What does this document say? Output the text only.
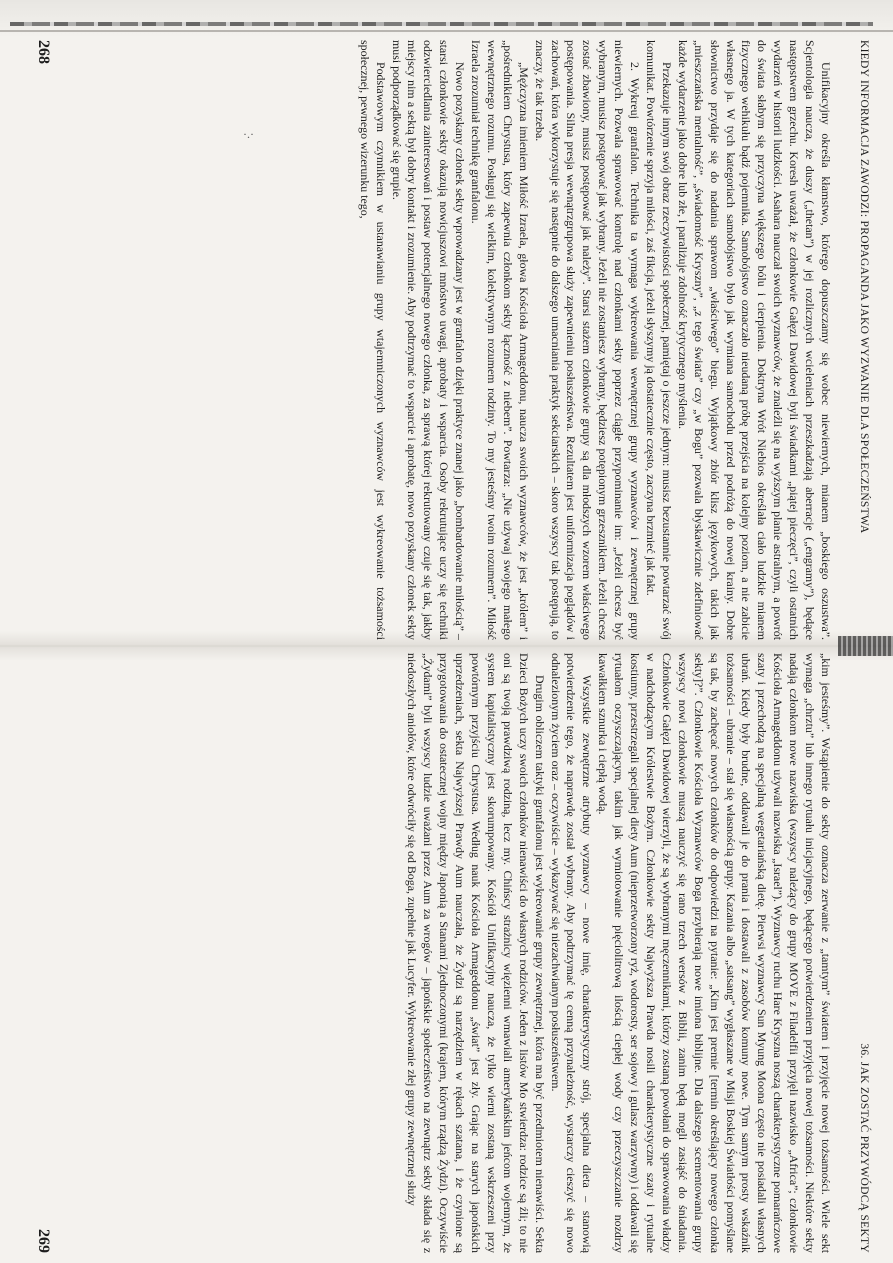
·.·	KIEDY INFORMACJA ZAWODZI: PROPAGANDA JAKO WYZWANIE DLA SPOŁECZEŃSTWA

Unifikacyjny określa kłamstwo, którego dopuszczamy się wobec niewiernych, mianem „boskiego oszustwa”. Scjentologia naucza, że duszy („thetan”) w jej rozlicznych wcieleniach przeszkadzają aberracje („engramy”), będące następstwem grzechu. Koresh uważał, że członkowie Gałęzi Dawidowej byli świadkami „piątej pieczęci”, czyli ostatnich wydarzeń w historii ludzkości. Asahara nauczał swoich wyznawców, że znaleźli się na wyższym planie astralnym, a powrót do świata słabym się przyczyna większego bólu i cierpienia. Doktryna Wrót Niebios określała ciało ludzkie mianem fizycznego wehikułu bądź pojemnika. Samobójstwo oznaczało nieudaną próbę przejścia na kolejny poziom, a nie zabicie własnego ja. W tych kategoriach samobójstwo było jak wymiana samochodu przed podróżą do nowej krainy. Dobre słownictwo przydaje się do nadania sprawom „właściwego” biegu. Wyjątkowy zbiór klisz językowych, takich jak „mieszczańska mentalność”, „świadomość Kryszny”, „z tego świata” czy „w Bogu” pozwala błyskawicznie zdefiniować każde wydarzenie jako dobre lub złe, i paraliżuje zdolność krytycznego myślenia.

Przekazuje innym swój obraz rzeczywistości społecznej, pamiętaj o jeszcze jednym: musisz bezustannie powtarzać swój komunikat. Powtórzenie sprzyja miłości, zaś fikcja, jeżeli słyszymy ją dostatecznie często, zaczyna brzmieć jak fakt.

2. Wykreuj granfalon. Technika ta wymaga wykreowania wewnętrznej grupy wyznawców i zewnętrznej grupy niewiernych. Pozwala sprawować kontrolę nad członkami sekty poprzez ciągłe przypominanie im: „Jeżeli chcesz być wybranym, musisz postępować jak wybrany. Jeżeli nie zostaniesz wybrany, będziesz potępionym grzesznikiem. Jeżeli chcesz zostać zbawiony, musisz postępować jak należy”. Starsi stażem członkowie grupy są dla młodszych wzorem właściwego postępowania. Silna presja wewnątrzgrupowa służy zapewnieniu posłuszeństwa. Rezultatem jest uniformizacja poglądów i zachowań, która wykorzystuje się następnie do dalszego umacniania praktyk sekciarskich – skoro wszyscy tak postępują, to znaczy, że tak trzeba.

„Mężczyzna imieniem Miłość Izraela, głowa Kościoła Armageddonu, naucza swoich wyznawców, że jest „królem” i „pośrednikiem Chrystusa, który zapewnia członkom sekty łączność z niebem”. Powtarza: „Nie używaj swojego małego wewnętrznego rozumu. Posługuj się wielkim, kolektywnym rozumem rodziny. To my jesteśmy twoim rozumem”. Miłość Izraela zrozumiał technikę granfalonu.

Nowo pozyskany członek sekty wprowadzany jest w granfalon dzięki praktyce znanej jako „bombardowanie miłością” – starsi członkowie sekty okazują nowicjuszowi mnóstwo uwagi, aprobaty i wsparcia. Osoby rekrutujące uczy się techniki odzwierciedlania zainteresowań i postaw potencjalnego nowego członka, za sprawą której rekrutowany czuje się tak, jakby miejscy nim a sektą był dobry kontakt i zrozumienie. Aby podtrzymać to wsparcie i aprobatę, nowo pozyskany członek sekty musi podporządkować się grupie.

Podstawowym czynnikiem w ustanawianiu grupy wtajemniczonych wyznawców jest wykreowanie tożsamości społecznej, pewnego wizerunku tego,

268
36. JAK ZOSTAĆ PRZYWÓDCĄ SEKTY

„kim jesteśmy”. Wstąpienie do sekty oznacza zerwanie z „tamtym” światem i przyjęcie nowej tożsamości. Wiele sekt wymaga „chrztu” lub innego rytuału inicjacyjnego, będącego potwierdzeniem przyjęcia nowej tożsamości. Niektóre sekty nadają członkom nowe nazwiska (wszyscy należący do grupy MOVE z Filadelfii przyjęli nazwisko „Africa”; członkowie Kościoła Armageddonu używali nazwiska „Israel”). Wyznawcy ruchu Hare Kryszna noszą charakterystyczne pomarańczowe szaty i przechodzą na specjalną wegetariańską dietę. Pierwsi wyznawcy Sun Myung Moona często nie posiadali własnych ubrań. Kiedy były brudne, oddawali je do prania i dostawali z zasobów komuny nowe. Tym samym prosty wskaźnik tożsamości – ubranie – stał się własnością grupy. Kazania albo „satsang” wygłaszane w Misji Boskiej Światłości pomyślane są tak, by zachęcać nowych członków do odpowiedzi na pytanie: „Kim jest premie [termin określający nowego członka sekty]?”. Członkowie Kościoła Wyznawców Boga przybierają nowe imiona biblijne. Dla dalszego scementowania grupy wszyscy nowi członkowie muszą nauczyć się rano trzech wersów z Biblii, zanim będą mogli zasiąść do śniadania. Członkowie Gałęzi Dawidowej wierzyli, że są wybranymi męczennikami, którzy zostaną powołani do sprawowania władzy w nadchodzącym Królestwie Bożym. Członkowie sekty Najwyższa Prawda nosili charakterystyczne szaty i rytualne kostiumy, przestrzegali specjalnej diety Aum (nieprzetworzony ryż, wodorosty, ser sojowy i gulasz warzywny) i oddawali się rytuałom oczyszczającym, takim jak wymiotowanie pięciolitrową ilością ciepłej wody czy przeczyszczanie nozdrzy kawałkiem sznurka i ciepłą wodą.

Wszystkie zewnętrzne atrybuty wyznawcy – nowe imię, charakterystyczny strój, specjalna dieta – stanowią potwierdzenie tego, że naprawdę został wybrany. Aby podtrzymać tę cenną przynależność, wystarczy cieszyć się nowo odnalezionym życiem oraz – oczywiście – wykazywać się niezachwianym posłuszeństwem.

Drugim obliczem taktyki granfalonu jest wykreowanie grupy zewnętrznej, która ma być przedmiotem nienawiści. Sekta Dzieci Bożych uczy swoich członków nienawiści do własnych rodziców. Jeden z listów Mo stwierdza: rodzice są źli; to nie oni są twoją prawdziwą rodziną, lecz my. Chińscy strażnicy więzienni wmawiali amerykańskim jeńcom wojennym, że system kapitalistyczny jest skorumpowany. Kościół Unifikacyjny naucza, że tylko wierni zostaną wskrzeszeni przy powtórnym przyjściu Chrystusa. Według nauk Kościoła Armageddonu „świat” jest zły. Grając na starych japońskich uprzedzeniach, sekta Najwyższej Prawdy Aum nauczała, że Żydzi są narzędziem w rękach szatana, i że czynione są przygotowania do ostatecznej wojny między Japonią a Stanami Zjednoczonymi (krajem, którym rządzą Żydzi). Oczywiście „Żydami” byli wszyscy ludzie uważani przez Aum za wrogów – japońskie społeczeństwo na zewnątrz sekty składa się z niedoszłych aniołów, które odwróciły się od Boga, zupełnie jak Lucyfer. Wykreowanie złej grupy zewnętrznej służy

269
